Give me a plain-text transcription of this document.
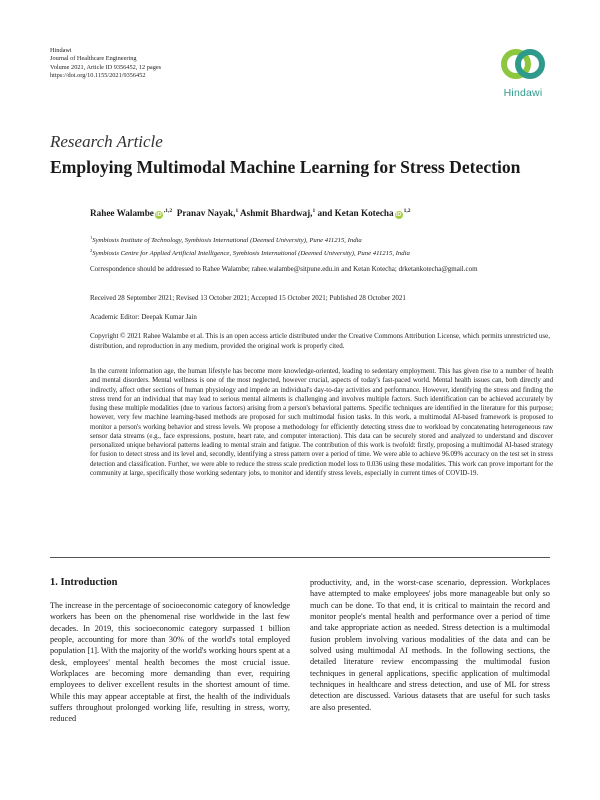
Hindawi
Journal of Healthcare Engineering
Volume 2021, Article ID 9356452, 12 pages
https://doi.org/10.1155/2021/9356452
Hindawi
Research Article
Employing Multimodal Machine Learning for Stress Detection
Rahee Walambe $iD^{,1,2}$ Pranav Nayak,$^1$ Ashmit Bhardwaj,$^1$ and Ketan Kotecha iD$^{1,2}$
$^1$Symbiosis Institute of Technology, Symbiosis International (Deemed University), Pune 411215, India
$^2$Symbiosis Centre for Applied Artificial Intelligence, Symbiosis International (Deemed University), Pune 411215, India
Correspondence should be addressed to Rahee Walambe; rahee.walambe@sitpune.edu.in and Ketan Kotecha; drketankotecha@gmail.com
Received 28 September 2021; Revised 13 October 2021; Accepted 15 October 2021; Published 28 October 2021
Academic Editor: Deepak Kumar Jain
Copyright © 2021 Rahee Walambe et al. This is an open access article distributed under the Creative Commons Attribution License, which permits unrestricted use, distribution, and reproduction in any medium, provided the original work is properly cited.
In the current information age, the human lifestyle has become more knowledge-oriented, leading to sedentary employment. This has given rise to a number of health and mental disorders. Mental wellness is one of the most neglected, however crucial, aspects of today's fast-paced world. Mental health issues can, both directly and indirectly, affect other sections of human physiology and impede an individual's day-to-day activities and performance. However, identifying the stress and finding the stress trend for an individual that may lead to serious mental ailments is challenging and involves multiple factors. Such identification can be achieved accurately by fusing these multiple modalities (due to various factors) arising from a person's behavioral patterns. Specific techniques are identified in the literature for this purpose; however, very few machine learning-based methods are proposed for such multimodal fusion tasks. In this work, a multimodal AI-based framework is proposed to monitor a person's working behavior and stress levels. We propose a methodology for efficiently detecting stress due to workload by concatenating heterogeneous raw sensor data streams (e.g., face expressions, posture, heart rate, and computer interaction). This data can be securely stored and analyzed to understand and discover personalized unique behavioral patterns leading to mental strain and fatigue. The contribution of this work is twofold: firstly, proposing a multimodal AI-based strategy for fusion to detect stress and its level and, secondly, identifying a stress pattern over a period of time. We were able to achieve 96.09% accuracy on the test set in stress detection and classification. Further, we were able to reduce the stress scale prediction model loss to 0.036 using these modalities. This work can prove important for the community at large, specifically those working sedentary jobs, to monitor and identify stress levels, especially in current times of COVID-19.
1. Introduction

The increase in the percentage of socioeconomic category of knowledge workers has been on the phenomenal rise worldwide in the last few decades. In 2019, this socioeconomic category surpassed 1 billion people, accounting for more than 30% of the world's total employed population [1]. With the majority of the world's working hours spent at a desk, employees' mental health becomes the most crucial issue. Workplaces are becoming more demanding than ever, requiring employees to deliver excellent results in the shortest amount of time. While this may appear acceptable at first, the health of the individuals suffers throughout prolonged working life, resulting in stress, worry, reduced

productivity, and, in the worst-case scenario, depression. Workplaces have attempted to make employees' jobs more manageable but only so much can be done. To that end, it is critical to maintain the record and monitor people's mental health and performance over a period of time and take appropriate action as needed. Stress detection is a multimodal fusion problem involving various modalities of the data and can be solved using multimodal AI methods. In the following sections, the detailed literature review encompassing the multimodal fusion techniques in general applications, specific application of multimodal techniques in healthcare and stress detection, and use of ML for stress detection are discussed. Various datasets that are useful for such tasks are also presented.
